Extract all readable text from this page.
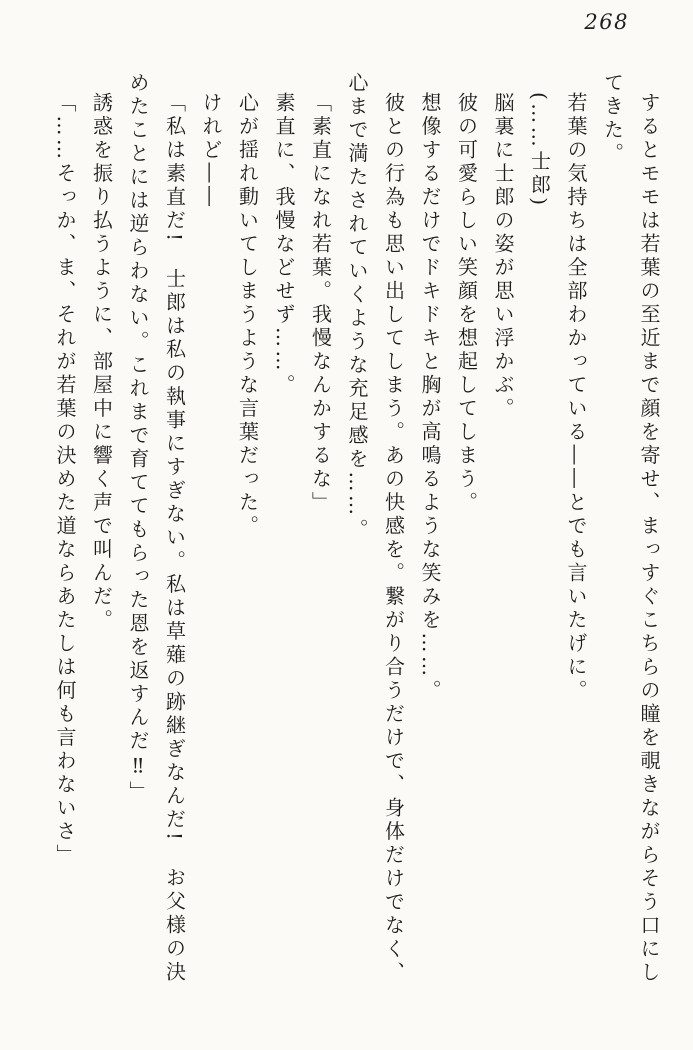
268

するとモモは若葉の至近まで顔を寄せ、まっすぐこちらの瞳を覗きながらそう口にしてきた。

若葉の気持ちは全部わかっている――とでも言いたげに。

(……士郎)

脳裏に士郎の姿が思い浮かぶ。

彼の可愛らしい笑顔を想起してしまう。

想像するだけでドキドキと胸が高鳴るような笑みを……。

彼との行為も思い出してしまう。あの快感を。繋がり合うだけで、身体だけでなく、心まで満たされていくような充足感を……。

「素直になれ若葉。我慢なんかするな」

素直に、我慢などせず……。

心が揺れ動いてしまうような言葉だった。

けれど――

「私は素直だ!　士郎は私の執事にすぎない。私は草薙の跡継ぎなんだ!　お父様の決めたことには逆らわない。これまで育ててもらった恩を返すんだ‼」

誘惑を振り払うように、部屋中に響く声で叫んだ。

「……そっか、ま、それが若葉の決めた道ならあたしは何も言わないさ」
